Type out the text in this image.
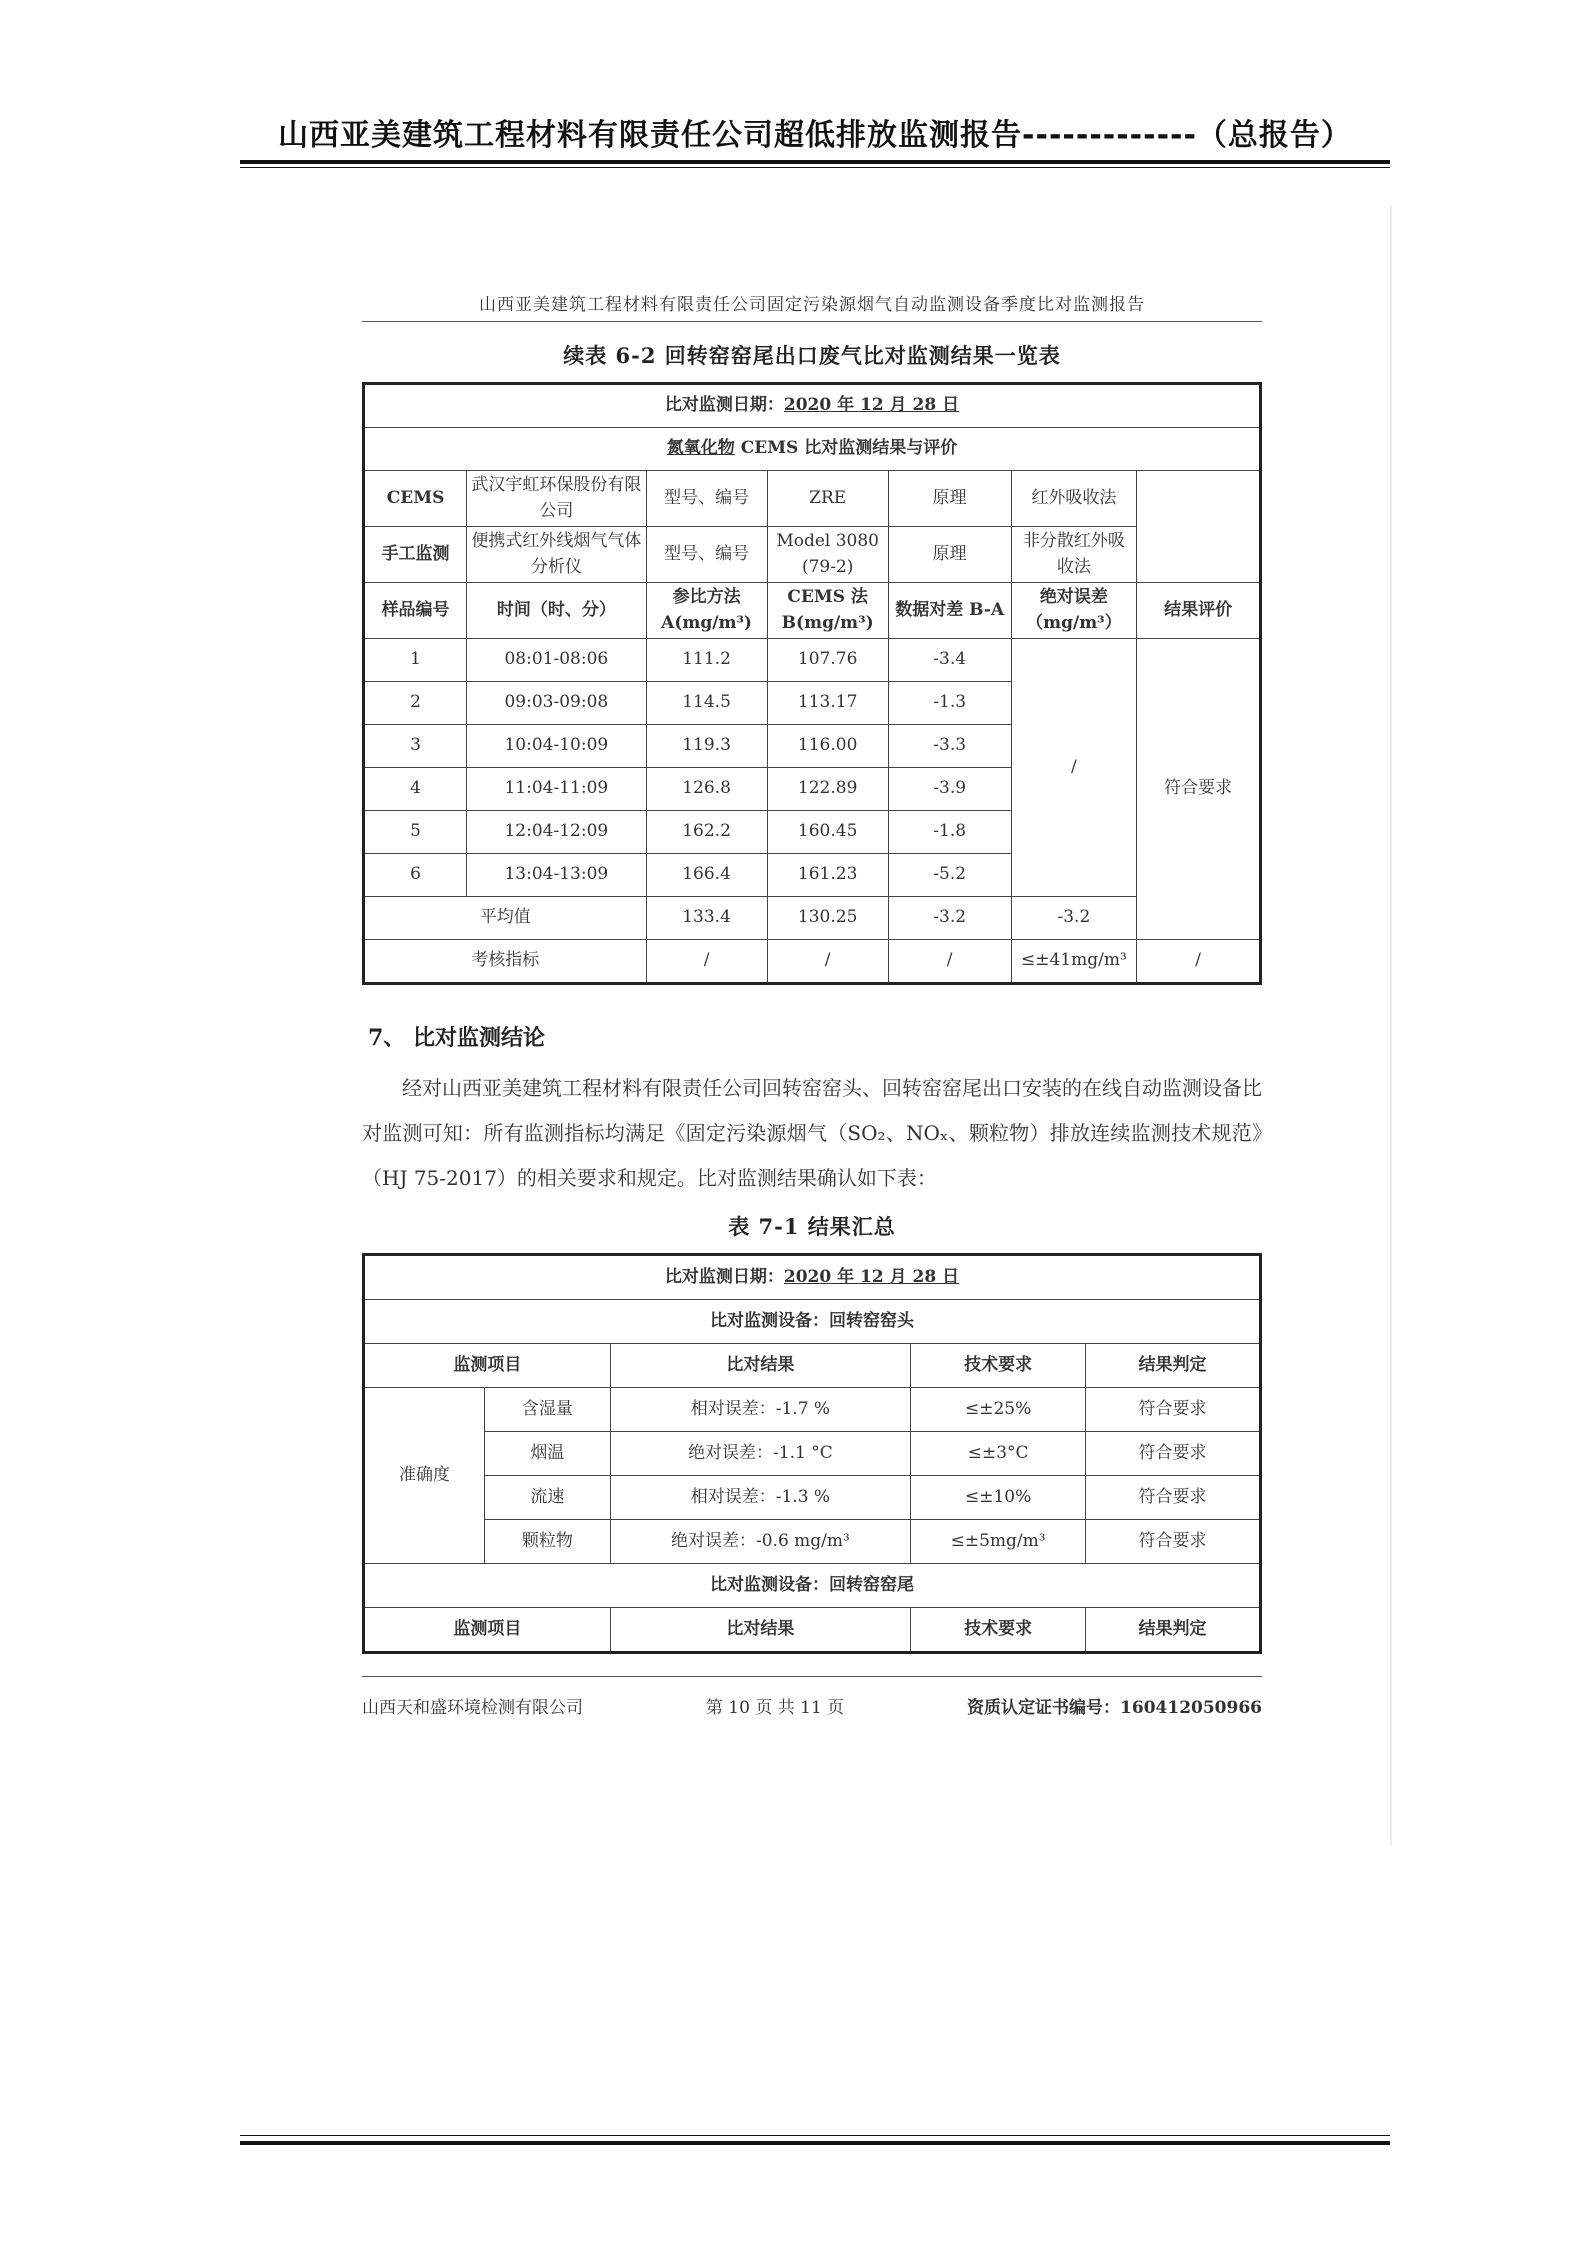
山西亚美建筑工程材料有限责任公司超低排放监测报告-------------（总报告）
山西亚美建筑工程材料有限责任公司固定污染源烟气自动监测设备季度比对监测报告
续表 6-2 回转窑窑尾出口废气比对监测结果一览表
比对监测日期：2020 年 12 月 28 日						
氮氧化物 CEMS 比对监测结果与评价						
CEMS	武汉宇虹环保股份有限公司	型号、编号	ZRE	原理	红外吸收法	
手工监测	便携式红外线烟气气体分析仪	型号、编号	Model 3080 (79-2)	原理	非分散红外吸收法	
样品编号	时间（时、分）	参比方法 A(mg/m³)	CEMS 法 B(mg/m³)	数据对差 B-A	绝对误差（mg/m³）	结果评价
1	08:01-08:06	111.2	107.76	-3.4	/	符合要求
2	09:03-09:08	114.5	113.17	-1.3		
3	10:04-10:09	119.3	116.00	-3.3		
4	11:04-11:09	126.8	122.89	-3.9		
5	12:04-12:09	162.2	160.45	-1.8		
6	13:04-13:09	166.4	161.23	-5.2		
平均值		133.4	130.25	-3.2	-3.2	
考核指标		/	/	/	≤±41mg/m³	/
7、 比对监测结论

经对山西亚美建筑工程材料有限责任公司回转窑窑头、回转窑窑尾出口安装的在线自动监测设备比对监测可知：所有监测指标均满足《固定污染源烟气（SO₂、NOₓ、颗粒物）排放连续监测技术规范》（HJ 75-2017）的相关要求和规定。比对监测结果确认如下表：

表 7-1 结果汇总
比对监测日期：2020 年 12 月 28 日				
比对监测设备：回转窑窑头				
监测项目		比对结果	技术要求	结果判定
准确度	含湿量	相对误差：-1.7 %	≤±25%	符合要求
	烟温	绝对误差：-1.1 °C	≤±3°C	符合要求
	流速	相对误差：-1.3 %	≤±10%	符合要求
	颗粒物	绝对误差：-0.6 mg/m³	≤±5mg/m³	符合要求
比对监测设备：回转窑窑尾				
监测项目		比对结果	技术要求	结果判定
山西天和盛环境检测有限公司	第 10 页 共 11 页	资质认定证书编号：160412050966
